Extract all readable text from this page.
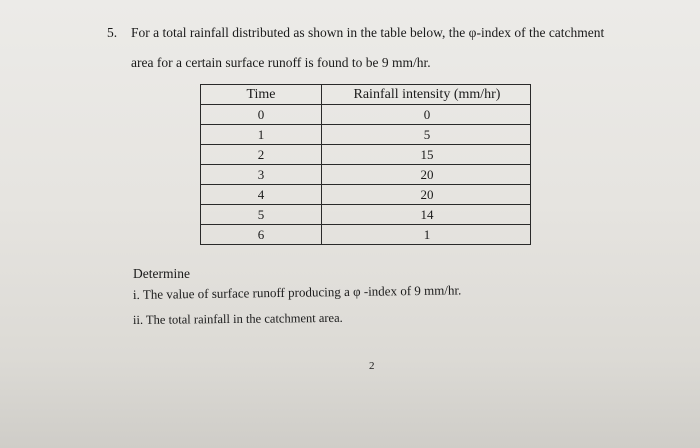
5. For a total rainfall distributed as shown in the table below, the φ-index of the catchment
area for a certain surface runoff is found to be 9 mm/hr.
Time	Rainfall intensity (mm/hr)
0	0
1	5
2	15
3	20
4	20
5	14
6	1
Determine
i. The value of surface runoff producing a φ -index of 9 mm/hr.
ii. The total rainfall in the catchment area.
2
